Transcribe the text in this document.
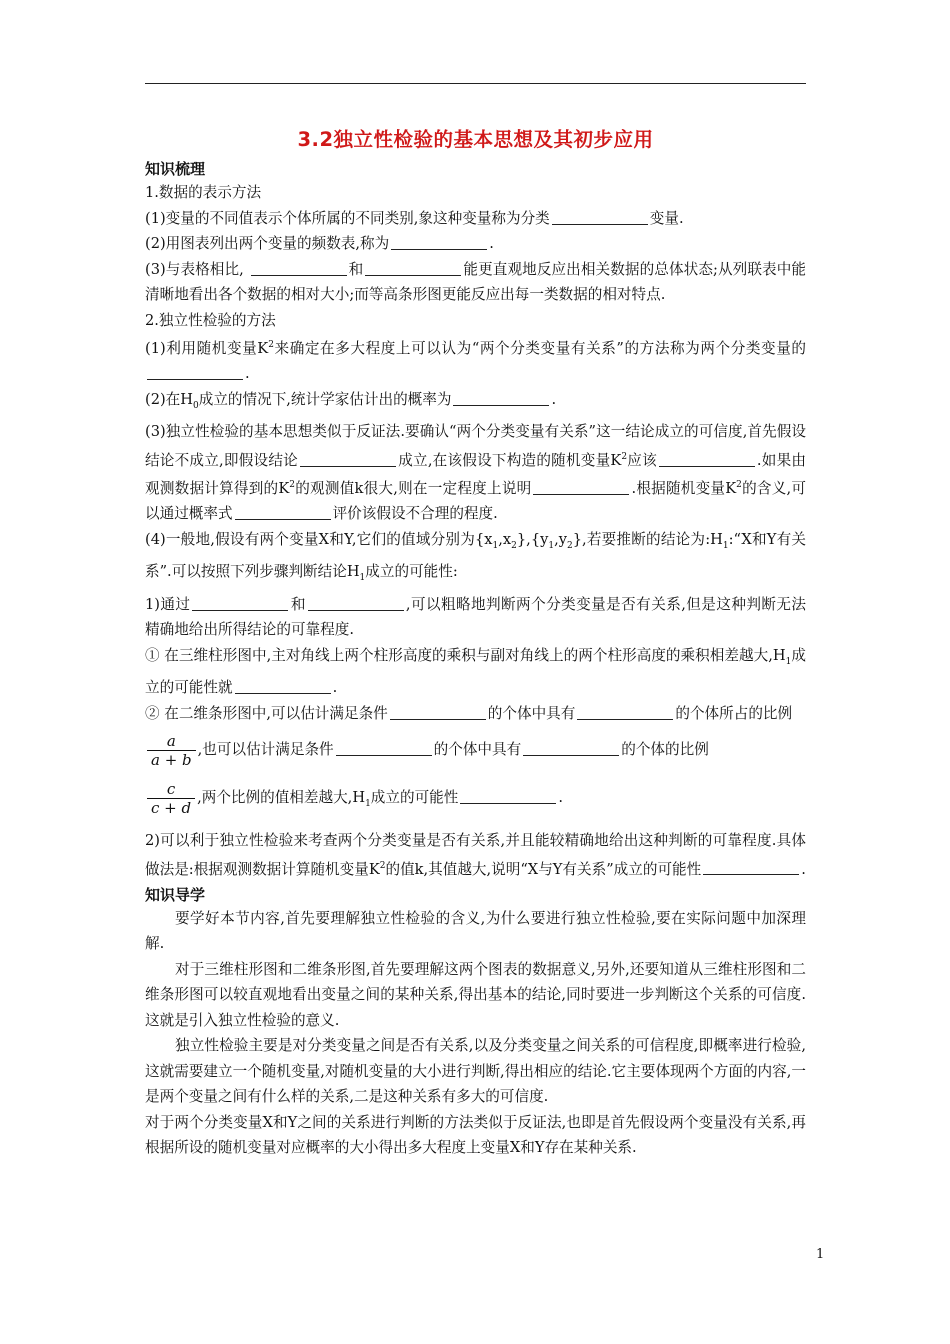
3.2独立性检验的基本思想及其初步应用
知识梳理

1.数据的表示方法

(1)变量的不同值表示个体所属的不同类别,象这种变量称为分类	变量.

(2)用图表列出两个变量的频数表,称为	.

(3)与表格相比,	和	能更直观地反应出相关数据的总体状态;从列联表中能清晰地看出各个数据的相对大小;而等高条形图更能反应出每一类数据的相对特点.

2.独立性检验的方法

(1)利用随机变量$K^2$来确定在多大程度上可以认为“两个分类变量有关系”的方法称为两个分类变量的.

(2)在$H_0$成立的情况下,统计学家估计出的概率为	.

(3)独立性检验的基本思想类似于反证法.要确认“两个分类变量有关系”这一结论成立的可信度,首先假设结论不成立,即假设结论	成立,在该假设下构造的随机变量$K^2$应该	.如果由观测数据计算得到的$K^2$的观测值k很大,则在一定程度上说明	.根据随机变量$K^2$的含义,可以通过概率式	评价该假设不合理的程度.

(4)一般地,假设有两个变量X和Y,它们的值域分别为$\{x_1,x_2\},\{y_1,y_2\}$,若要推断的结论为$:H_1:“X$和Y有关系”.可以按照下列步骤判断结论$H_1$成立的可能性:

1)通过	和	,可以粗略地判断两个分类变量是否有关系,但是这种判断无法精确地给出所得结论的可靠程度.

① 在三维柱形图中,主对角线上两个柱形高度的乘积与副对角线上的两个柱形高度的乘积相差越大$,H_1$成立的可能性就	.

② 在二维条形图中,可以估计满足条件	的个体中具有	的个体所占的比例

$\frac{a}{a + b}$ ,也可以估计满足条件	的个体中具有	的个体的比例

$\frac{c}{c + d}$ ,两个比例的值相差越大$,H_1$成立的可能性	.

2)可以利于独立性检验来考查两个分类变量是否有关系,并且能较精确地给出这种判断的可靠程度.具体做法是:根据观测数据计算随机变量$K^2$的值k,其值越大,说明“X与Y有关系”成立的可能性	.

知识导学

要学好本节内容,首先要理解独立性检验的含义,为什么要进行独立性检验,要在实际问题中加深理解.

对于三维柱形图和二维条形图,首先要理解这两个图表的数据意义,另外,还要知道从三维柱形图和二维条形图可以较直观地看出变量之间的某种关系,得出基本的结论,同时要进一步判断这个关系的可信度.这就是引入独立性检验的意义.

独立性检验主要是对分类变量之间是否有关系,以及分类变量之间关系的可信程度,即概率进行检验,这就需要建立一个随机变量,对随机变量的大小进行判断,得出相应的结论.它主要体现两个方面的内容,一是两个变量之间有什么样的关系,二是这种关系有多大的可信度.

对于两个分类变量X和Y之间的关系进行判断的方法类似于反证法,也即是首先假设两个变量没有关系,再根据所设的随机变量对应概率的大小得出多大程度上变量X和Y存在某种关系.

1
